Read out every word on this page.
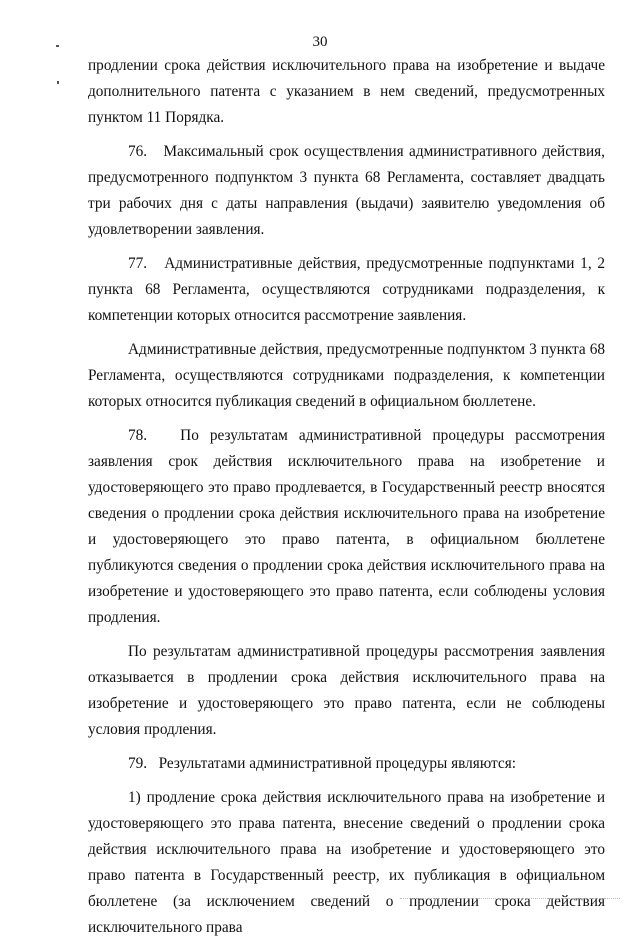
30

продлении срока действия исключительного права на изобретение и выдаче дополнительного патента с указанием в нем сведений, предусмотренных пунктом 11 Порядка.

76.   Максимальный срок осуществления административного действия, предусмотренного подпунктом 3 пункта 68 Регламента, составляет двадцать три рабочих дня с даты направления (выдачи) заявителю уведомления об удовлетворении заявления.

77.   Административные действия, предусмотренные подпунктами 1, 2 пункта 68 Регламента, осуществляются сотрудниками подразделения, к компетенции которых относится рассмотрение заявления.

Административные действия, предусмотренные подпунктом 3 пункта 68 Регламента, осуществляются сотрудниками подразделения, к компетенции которых относится публикация сведений в официальном бюллетене.

78.   По результатам административной процедуры рассмотрения заявления срок действия исключительного права на изобретение и удостоверяющего это право продлевается, в Государственный реестр вносятся сведения о продлении срока действия исключительного права на изобретение и удостоверяющего это право патента, в официальном бюллетене публикуются сведения о продлении срока действия исключительного права на изобретение и удостоверяющего это право патента, если соблюдены условия продления.

По результатам административной процедуры рассмотрения заявления отказывается в продлении срока действия исключительного права на изобретение и удостоверяющего это право патента, если не соблюдены условия продления.

79.   Результатами административной процедуры являются:

1) продление срока действия исключительного права на изобретение и удостоверяющего это права патента, внесение сведений о продлении срока действия исключительного права на изобретение и удостоверяющего это право патента в Государственный реестр, их публикация в официальном бюллетене (за исключением сведений о продлении срока действия исключительного права
